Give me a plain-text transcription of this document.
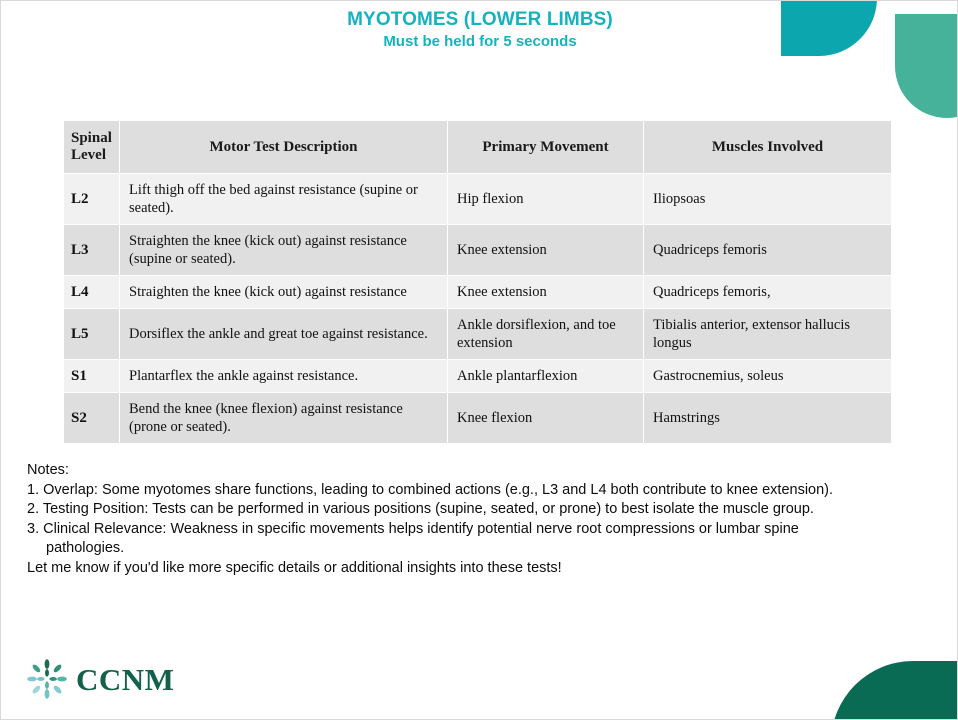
MYOTOMES (LOWER LIMBS)
Must be held for 5 seconds
Spinal Level	Motor Test Description	Primary Movement	Muscles Involved
L2	Lift thigh off the bed against resistance (supine or seated).	Hip flexion	Iliopsoas
L3	Straighten the knee (kick out) against resistance (supine or seated).	Knee extension	Quadriceps femoris
L4	Straighten the knee (kick out) against resistance	Knee extension	Quadriceps femoris,
L5	Dorsiflex the ankle and great toe against resistance.	Ankle dorsiflexion, and toe extension	Tibialis anterior, extensor hallucis longus
S1	Plantarflex the ankle against resistance.	Ankle plantarflexion	Gastrocnemius, soleus
S2	Bend the knee (knee flexion) against resistance (prone or seated).	Knee flexion	Hamstrings
Notes:
1. Overlap: Some myotomes share functions, leading to combined actions (e.g., L3 and L4 both contribute to knee extension).
2. Testing Position: Tests can be performed in various positions (supine, seated, or prone) to best isolate the muscle group.
3. Clinical Relevance: Weakness in specific movements helps identify potential nerve root compressions or lumbar spine
pathologies.
Let me know if you'd like more specific details or additional insights into these tests!
CCNM
